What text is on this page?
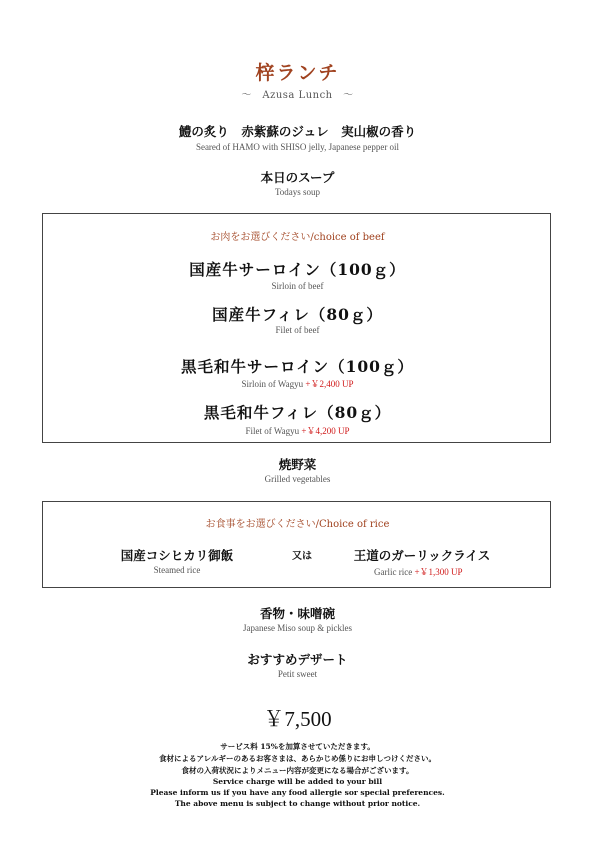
梓ランチ
～　Azusa Lunch　～
鱧の炙り　赤紫蘇のジュレ　実山椒の香り
Seared of HAMO with SHISO jelly, Japanese pepper oil
本日のスープ
Todays soup
お肉をお選びください/choice of beef
国産牛サーロイン（100ｇ）
Sirloin of beef
国産牛フィレ（80ｇ）
Filet of beef
黒毛和牛サーロイン（100ｇ）
Sirloin of Wagyu +￥2,400 UP
黒毛和牛フィレ（80ｇ）
Filet of Wagyu +￥4,200 UP
焼野菜
Grilled vegetables
お食事をお選びください/Choice of rice
国産コシヒカリ御飯
Steamed rice
又は	王道のガーリックライス
Garlic rice +￥1,300 UP
香物・味噌碗
Japanese Miso soup & pickles
おすすめデザート
Petit sweet
￥7,500
サービス料 15%を加算させていただきます。
食材によるアレルギーのあるお客さまは、あらかじめ係りにお申しつけください。
食材の入荷状況によりメニュー内容が変更になる場合がございます。
Service charge will be added to your bill
Please inform us if you have any food allergie sor special preferences.
The above menu is subject to change without prior notice.
